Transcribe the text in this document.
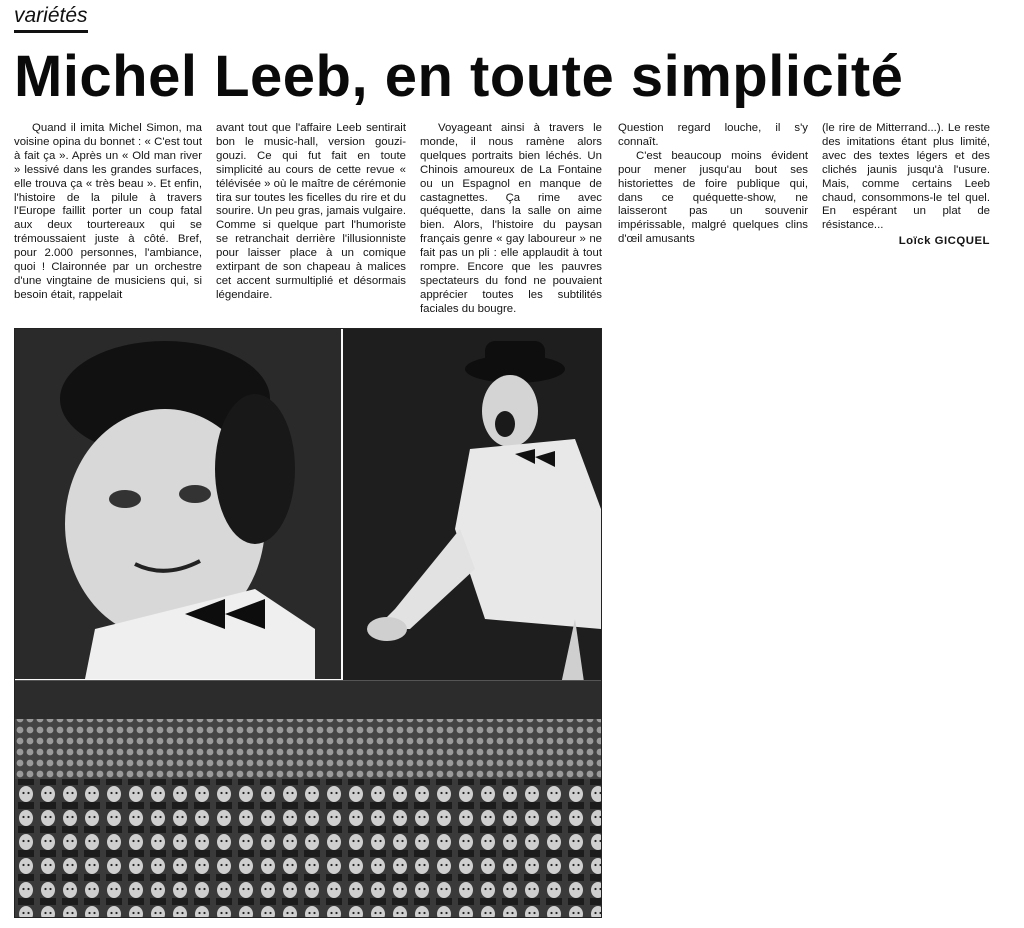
variétés
Michel Leeb, en toute simplicité

Quand il imita Michel Simon, ma voisine opina du bonnet : « C'est tout à fait ça ». Après un « Old man river » lessivé dans les grandes surfaces, elle trouva ça « très beau ». Et enfin, l'histoire de la pilule à travers l'Europe faillit porter un coup fatal aux deux tourtereaux qui se trémoussaient juste à côté. Bref, pour 2.000 personnes, l'ambiance, quoi ! Claironnée par un orchestre d'une vingtaine de musiciens qui, si besoin était, rappelait

avant tout que l'affaire Leeb sentirait bon le music-hall, version gouzi-gouzi. Ce qui fut fait en toute simplicité au cours de cette revue « télévisée » où le maître de cérémonie tira sur toutes les ficelles du rire et du sourire. Un peu gras, jamais vulgaire. Comme si quelque part l'humoriste se retranchait derrière l'illusionniste pour laisser place à un comique extirpant de son chapeau à malices cet accent surmultiplié et désormais légendaire.

Voyageant ainsi à travers le monde, il nous ramène alors quelques portraits bien léchés. Un Chinois amoureux de La Fontaine ou un Espagnol en manque de castagnettes. Ça rime avec quéquette, dans la salle on aime bien. Alors, l'histoire du paysan français genre « gay laboureur » ne fait pas un pli : elle applaudit à tout rompre. Encore que les pauvres spectateurs du fond ne pouvaient apprécier toutes les subtilités faciales du bougre.

Question regard louche, il s'y connaît.

C'est beaucoup moins évident pour mener jusqu'au bout ses historiettes de foire publique qui, dans ce quéquette-show, ne laisseront pas un souvenir impérissable, malgré quelques clins d'œil amusants

(le rire de Mitterrand...). Le reste des imitations étant plus limité, avec des textes légers et des clichés jaunis jusqu'à l'usure. Mais, comme certains Leeb chaud, consommons-le tel quel. En espérant un plat de résistance...

Loïck GICQUEL
